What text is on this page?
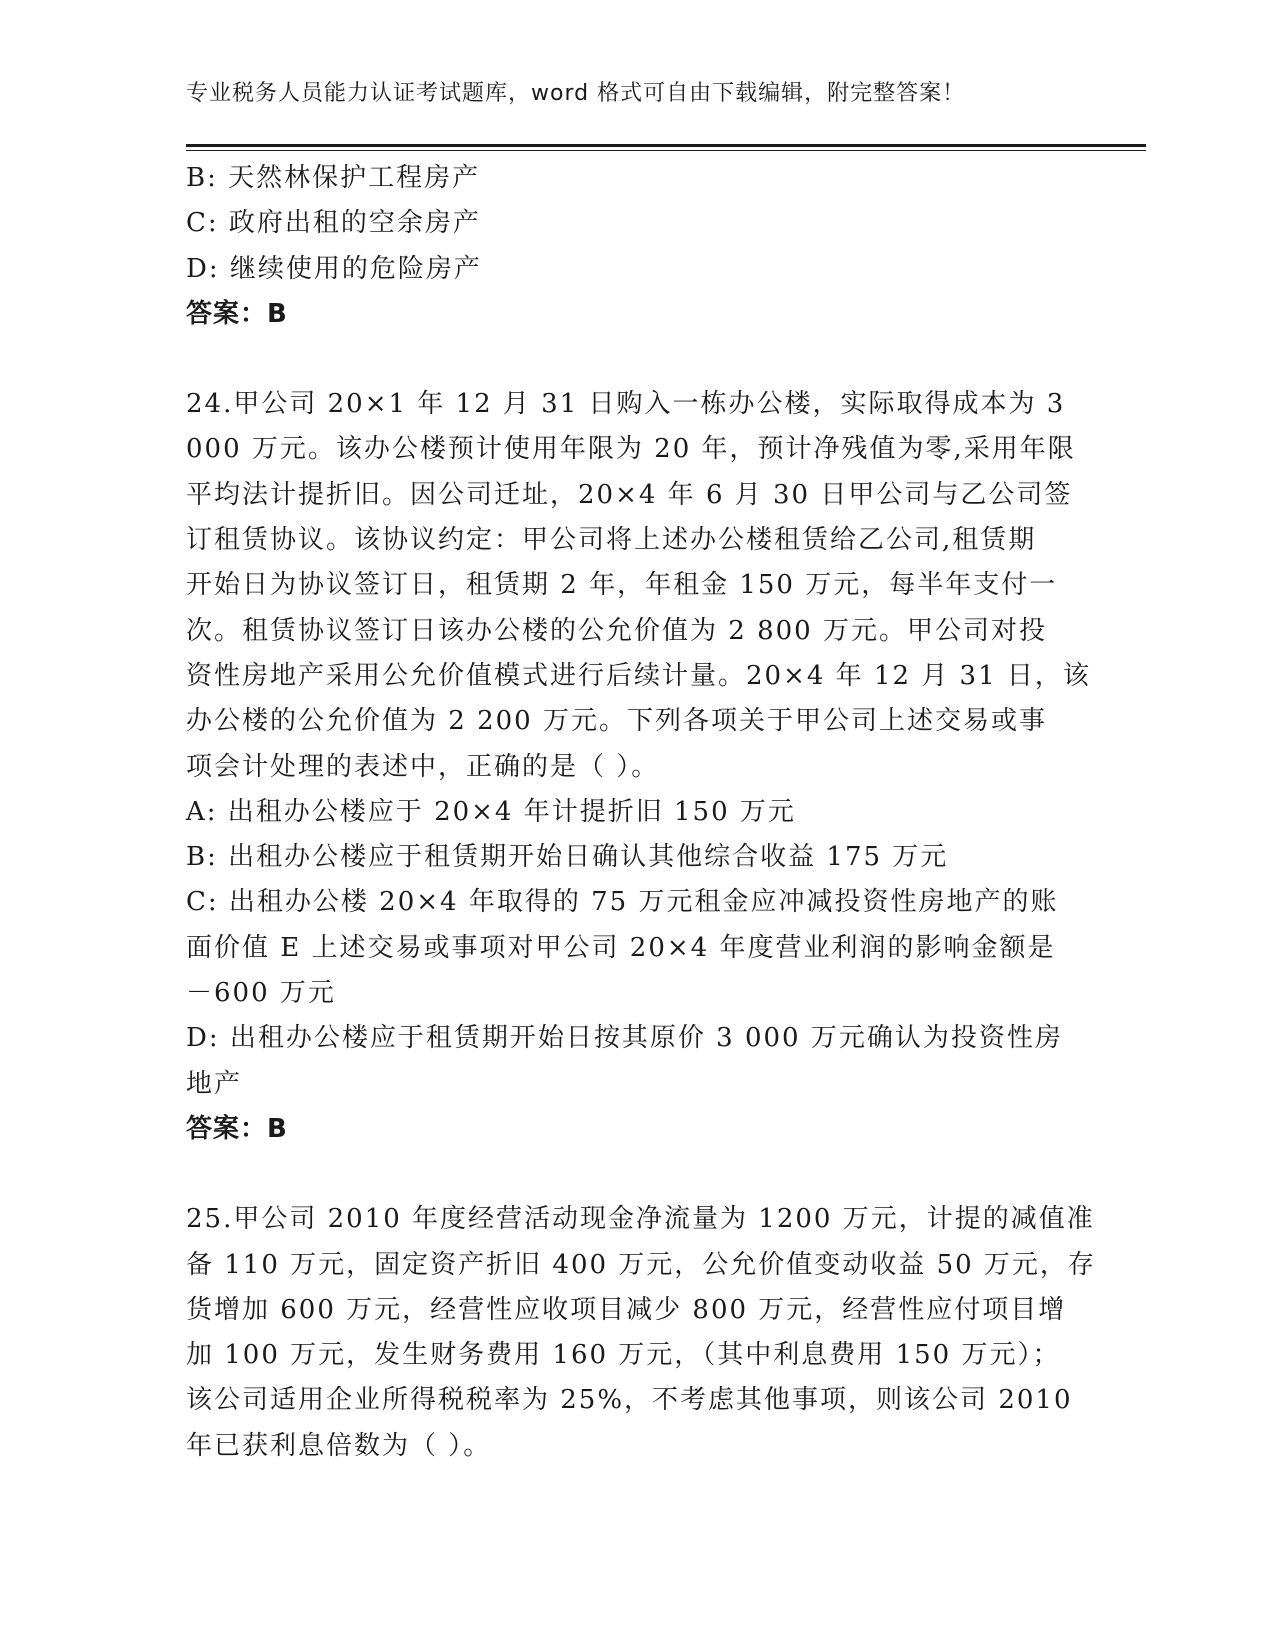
专业税务人员能力认证考试题库，word 格式可自由下载编辑，附完整答案！
B: 天然林保护工程房产
C: 政府出租的空余房产
D: 继续使用的危险房产
答案：B
24.甲公司 20×1 年 12 月 31 日购入一栋办公楼，实际取得成本为 3
000 万元。该办公楼预计使用年限为 20 年，预计净残值为零,采用年限
平均法计提折旧。因公司迁址，20×4 年 6 月 30 日甲公司与乙公司签
订租赁协议。该协议约定：甲公司将上述办公楼租赁给乙公司,租赁期
开始日为协议签订日，租赁期 2 年，年租金 150 万元，每半年支付一
次。租赁协议签订日该办公楼的公允价值为 2 800 万元。甲公司对投
资性房地产采用公允价值模式进行后续计量。20×4 年 12 月 31 日，该
办公楼的公允价值为 2 200 万元。下列各项关于甲公司上述交易或事
项会计处理的表述中，正确的是（ ）。
A: 出租办公楼应于 20×4 年计提折旧 150 万元
B: 出租办公楼应于租赁期开始日确认其他综合收益 175 万元
C: 出租办公楼 20×4 年取得的 75 万元租金应冲减投资性房地产的账
面价值 E 上述交易或事项对甲公司 20×4 年度营业利润的影响金额是
－600 万元
D: 出租办公楼应于租赁期开始日按其原价 3 000 万元确认为投资性房
地产
答案：B
25.甲公司 2010 年度经营活动现金净流量为 1200 万元，计提的减值准
备 110 万元，固定资产折旧 400 万元，公允价值变动收益 50 万元，存
货增加 600 万元，经营性应收项目减少 800 万元，经营性应付项目增
加 100 万元，发生财务费用 160 万元，（其中利息费用 150 万元）；
该公司适用企业所得税税率为 25%，不考虑其他事项，则该公司 2010
年已获利息倍数为（ ）。
